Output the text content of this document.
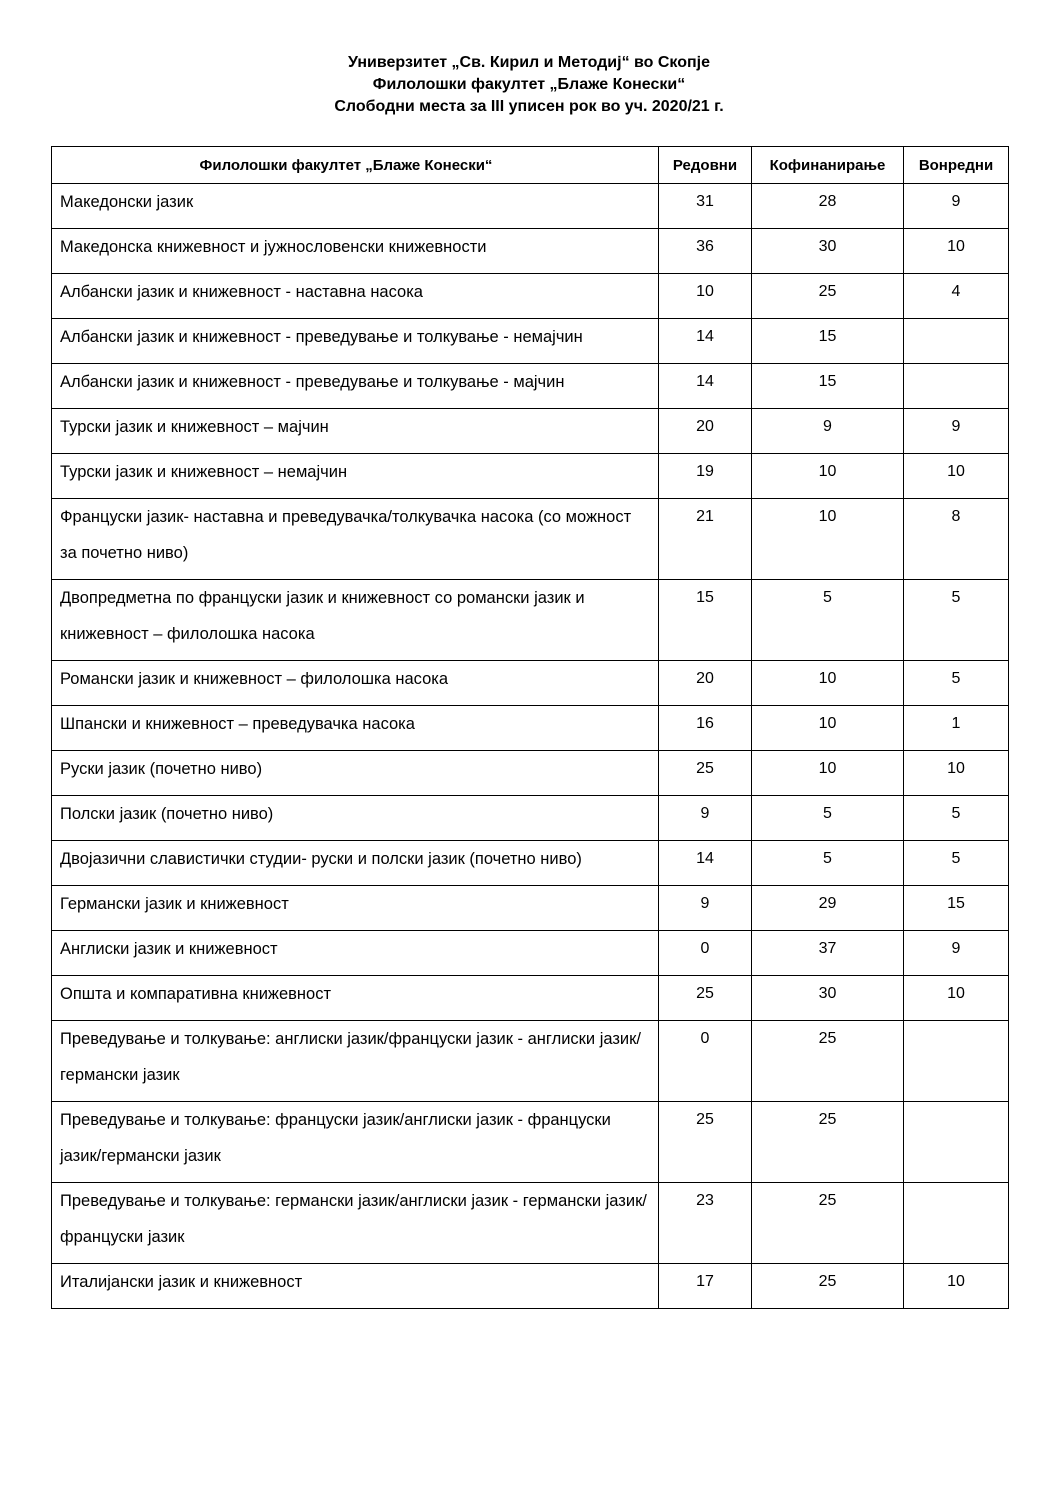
Универзитет „Св. Кирил и Методиј“ во Скопје
Филолошки факултет „Блаже Конески“
Слободни места за III уписен рок во уч. 2020/21 г.
Филолошки факултет „Блаже Конески“	Редовни	Кофинанирање	Вонредни

Македонски јазик	31	28	9

Македонска книжевност и јужнословенски книжевности	36	30	10

Албански јазик и книжевност - наставна насока	10	25	4

Албански јазик и книжевност - преведување и толкување - немајчин	14	15	

Албански јазик и книжевност - преведување и толкување - мајчин	14	15	

Турски јазик и книжевност – мајчин	20	9	9

Турски јазик и книжевност – немајчин	19	10	10

Француски јазик- наставна и преведувачка/толкувачка насока (со можност за почетно ниво)	21	10	8

Двопредметна по француски јазик и книжевност со романски јазик и книжевност – филолошка насока	15	5	5

Романски јазик и книжевност – филолошка насока	20	10	5

Шпански и книжевност – преведувачка насока	16	10	1

Руски јазик (почетно ниво)	25	10	10

Полски јазик (почетно ниво)	9	5	5

Двојазични славистички студии- руски и полски јазик (почетно ниво)	14	5	5

Германски јазик и книжевност	9	29	15

Англиски јазик и книжевност	0	37	9

Општа и компаративна книжевност	25	30	10

Преведување и толкување: англиски јазик/француски јазик - англиски јазик/германски јазик	0	25	

Преведување и толкување: француски јазик/англиски јазик - француски јазик/германски јазик	25	25	

Преведување и толкување: германски јазик/англиски јазик - германски јазик/француски јазик	23	25	

Италијански јазик и книжевност	17	25	10
